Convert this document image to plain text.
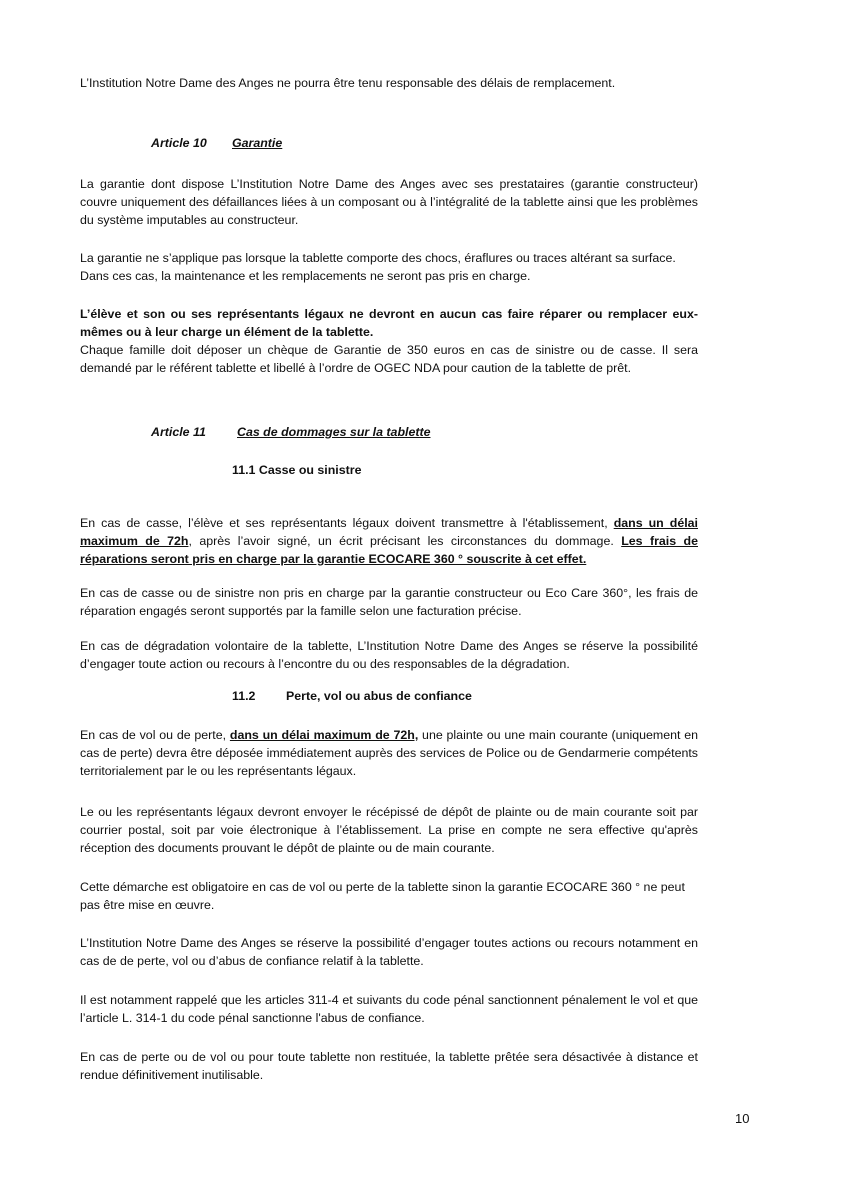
L’Institution Notre Dame des Anges ne pourra être tenu responsable des délais de remplacement.

Article 10 Garantie

La garantie dont dispose L’Institution Notre Dame des Anges avec ses prestataires (garantie constructeur) couvre uniquement des défaillances liées à un composant ou à l’intégralité de la tablette ainsi que les problèmes du système imputables au constructeur.

La garantie ne s’applique pas lorsque la tablette comporte des chocs, éraflures ou traces altérant sa surface.
Dans ces cas, la maintenance et les remplacements ne seront pas pris en charge.
L’élève et son ou ses représentants légaux ne devront en aucun cas faire réparer ou remplacer eux-mêmes ou à leur charge un élément de la tablette.
Chaque famille doit déposer un chèque de Garantie de 350 euros en cas de sinistre ou de casse. Il sera demandé par le référent tablette et libellé à l’ordre de OGEC NDA pour caution de la tablette de prêt.
Article 11	Cas de dommages sur la tablette
11.1 Casse ou sinistre

En cas de casse, l’élève et ses représentants légaux doivent transmettre à l'établissement, dans un délai maximum de 72h, après l’avoir signé, un écrit précisant les circonstances du dommage. Les frais de réparations seront pris en charge par la garantie ECOCARE 360 ° souscrite à cet effet.

En cas de casse ou de sinistre non pris en charge par la garantie constructeur ou Eco Care 360°, les frais de réparation engagés seront supportés par la famille selon une facturation précise.

En cas de dégradation volontaire de la tablette, L’Institution Notre Dame des Anges se réserve la possibilité d’engager toute action ou recours à l’encontre du ou des responsables de la dégradation.

11.2 Perte, vol ou abus de confiance

En cas de vol ou de perte, dans un délai maximum de 72h, une plainte ou une main courante (uniquement en cas de perte) devra être déposée immédiatement auprès des services de Police ou de Gendarmerie compétents territorialement par le ou les représentants légaux.

Le ou les représentants légaux devront envoyer le récépissé de dépôt de plainte ou de main courante soit par courrier postal, soit par voie électronique à l’établissement. La prise en compte ne sera effective qu'après réception des documents prouvant le dépôt de plainte ou de main courante.

Cette démarche est obligatoire en cas de vol ou perte de la tablette sinon la garantie ECOCARE 360 ° ne peut pas être mise en œuvre.

L’Institution Notre Dame des Anges se réserve la possibilité d’engager toutes actions ou recours notamment en cas de de perte, vol ou d’abus de confiance relatif à la tablette.

Il est notamment rappelé que les articles 311-4 et suivants du code pénal sanctionnent pénalement le vol et que l’article L. 314-1 du code pénal sanctionne l'abus de confiance.

En cas de perte ou de vol ou pour toute tablette non restituée, la tablette prêtée sera désactivée à distance et rendue définitivement inutilisable.

10
